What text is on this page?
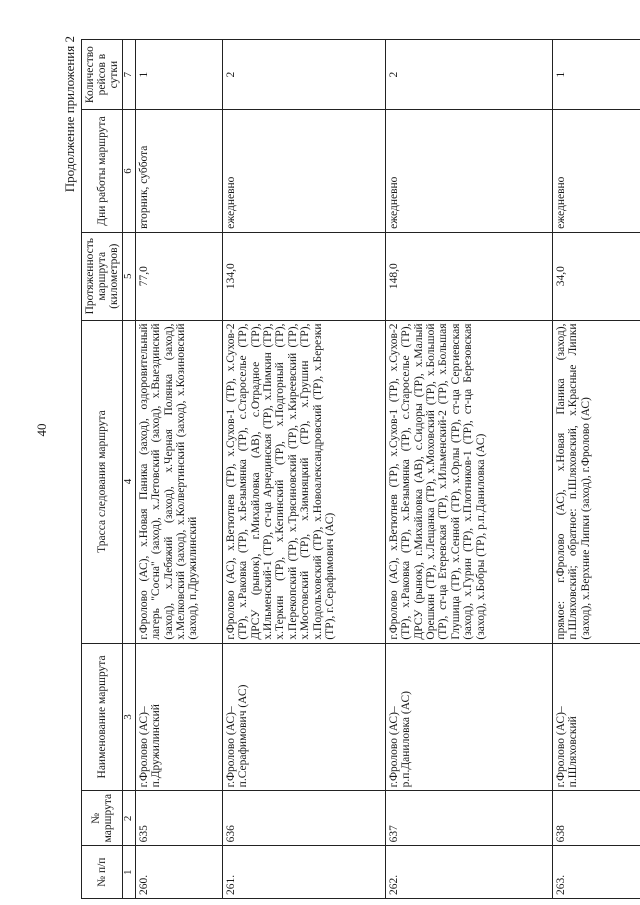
40
Продолжение приложения 2
№ п/п	№ маршрута	Наименование маршрута	Трасса следования маршрута	Протяженность маршрута (километров)	Дни работы маршрута	Количество рейсов в сутки
1	2	3	4	5	6	7
260.	635	г.Фролово (АС)–п.Дружилинский	г.Фролово (АС), х.Новая Паника (заход), оздоровительный лагерь "Сосна" (заход), х.Летовский (заход), х.Выездинский (заход), х.Лебяжий (заход), х.Черная Полянка (заход), х.Мелковский (заход), х.Колвертинский (заход), х.Козиновский (заход), п.Дружилинский	77,0	вторник, суббота	1
261.	636	г.Фролово (АС)–п.Серафимович (АС)	г.Фролово (АС), х.Ветютнев (ТР), х.Сухов-1 (ТР), х.Сухов-2 (ТР), х.Раковка (ТР), х.Безымянка (ТР), с.Старосельe (ТР), ДРСУ (рынок), г.Михайловка (АВ), с.Отрадное (ТР), х.Ильменский-1 (ТР), ст-ца Арчединская (ТР), х.Пимкин (ТР), х.Теркин (ТР), х.Кепинский (ТР), х.Подгорный (ТР), х.Перекопский (ТР), х.Трясиновский (ТР), х.Киреевский (ТР), х.Мостовский (ТР), х.Зимняцкий (ТР), х.Грушин (ТР), х.Подольховский (ТР), х.Новоалександровский (ТР), х.Березки (ТР), г.Серафимович (АС)	134,0	ежедневно	2
262.	637	г.Фролово (АС)–р.п.Даниловка (АС)	г.Фролово (АС), х.Ветютнев (ТР), х.Сухов-1 (ТР), х.Сухов-2 (ТР), х.Раковка (ТР), х.Безымянка (ТР), с.Старосельe (ТР), ДРСУ (рынок), г.Михайловка (АВ), с.Сидоры (ТР), х.Малый Орешкин (ТР), х.Лещанка (ТР), х.Моховский (ТР), х.Большой (ТР), ст-ца Етеревская (ТР), х.Ильменский-2 (ТР), х.Большая Глушица (ТР), х.Сенной (ТР), х.Орлы (ТР), ст-ца Сергиевская (заход), х.Гурин (ТР), х.Плотников-1 (ТР), ст-ца Березовская (заход), х.Бобры (ТР), р.п.Даниловка (АС)	148,0	ежедневно	2
263.	638	г.Фролово (АС)–п.Шляховский	прямое: г.Фролово (АС), х.Новая Паника (заход), п.Шляховский; обратное: п.Шляховский, х.Красные Липки (заход), х.Верхние Липки (заход), г.Фролово (АС)	34,0	ежедневно	1
